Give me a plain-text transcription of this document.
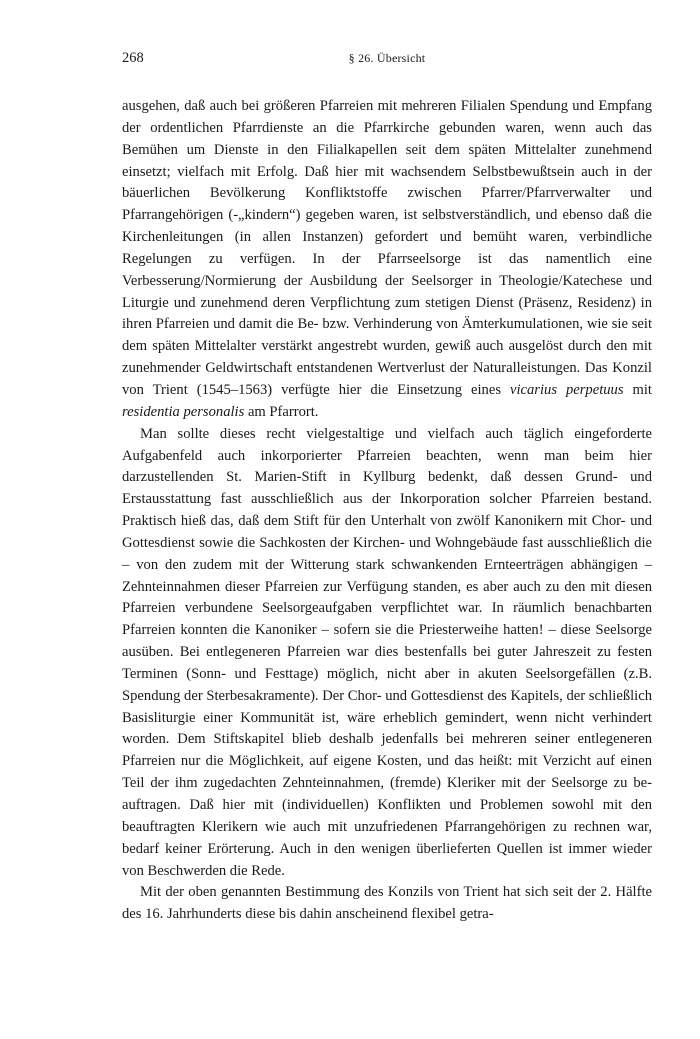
268	§ 26. Übersicht

ausgehen, daß auch bei größeren Pfarreien mit mehreren Filialen Spendung und Empfang der ordentlichen Pfarrdienste an die Pfarrkirche gebunden waren, wenn auch das Bemühen um Dienste in den Filialkapellen seit dem späten Mittelalter zunehmend einsetzt; vielfach mit Erfolg. Daß hier mit wachsendem Selbstbewußtsein auch in der bäuerlichen Bevölkerung Konfliktstoffe zwischen Pfarrer/Pfarrverwalter und Pfarrangehörigen (-„kindern“) gegeben waren, ist selbstverständlich, und ebenso daß die Kirchenleitungen (in allen Instanzen) gefordert und bemüht waren, verbindliche Regelungen zu verfügen. In der Pfarrseelsorge ist das namentlich eine Verbesserung/Normierung der Ausbildung der Seelsorger in Theologie/Katechese und Liturgie und zunehmend deren Verpflichtung zum stetigen Dienst (Präsenz, Residenz) in ihren Pfarreien und damit die Be- bzw. Verhinderung von Ämterkumulationen, wie sie seit dem späten Mittelalter verstärkt angestrebt wurden, gewiß auch ausgelöst durch den mit zunehmender Geldwirtschaft entstandenen Wertverlust der Naturalleistungen. Das Konzil von Trient (1545–1563) verfügte hier die Einsetzung eines vicarius perpetuus mit residentia personalis am Pfarrort.

Man sollte dieses recht vielgestaltige und vielfach auch täglich eingeforderte Aufgabenfeld auch inkorporierter Pfarreien beachten, wenn man beim hier darzustellenden St. Marien-Stift in Kyllburg bedenkt, daß dessen Grund- und Erstausstattung fast ausschließlich aus der Inkorporation solcher Pfarreien bestand. Praktisch hieß das, daß dem Stift für den Unterhalt von zwölf Kanonikern mit Chor- und Gottesdienst sowie die Sachkosten der Kirchen- und Wohngebäude fast ausschließlich die – von den zudem mit der Witterung stark schwankenden Ernteerträgen abhängigen – Zehnteinnahmen dieser Pfarreien zur Verfügung standen, es aber auch zu den mit diesen Pfarreien verbundene Seelsorgeaufgaben verpflichtet war. In räumlich benachbarten Pfarreien konnten die Kanoniker – sofern sie die Priesterweihe hatten! – diese Seelsorge ausüben. Bei entlegeneren Pfarreien war dies bestenfalls bei guter Jahreszeit zu festen Terminen (Sonn- und Festtage) möglich, nicht aber in akuten Seelsorgefällen (z.B. Spendung der Sterbesakramente). Der Chor- und Gottesdienst des Kapitels, der schließlich Basisliturgie einer Kommunität ist, wäre erheblich gemindert, wenn nicht verhindert worden. Dem Stiftskapitel blieb deshalb jedenfalls bei mehreren seiner entlegeneren Pfarreien nur die Möglichkeit, auf eigene Kosten, und das heißt: mit Verzicht auf einen Teil der ihm zugedachten Zehnteinnahmen, (fremde) Kleriker mit der Seelsorge zu beauftragen. Daß hier mit (individuellen) Konflikten und Problemen sowohl mit den beauftragten Klerikern wie auch mit unzufriedenen Pfarrangehörigen zu rechnen war, bedarf keiner Erörterung. Auch in den wenigen überlieferten Quellen ist immer wieder von Beschwerden die Rede.

Mit der oben genannten Bestimmung des Konzils von Trient hat sich seit der 2. Hälfte des 16. Jahrhunderts diese bis dahin anscheinend flexibel getra-
